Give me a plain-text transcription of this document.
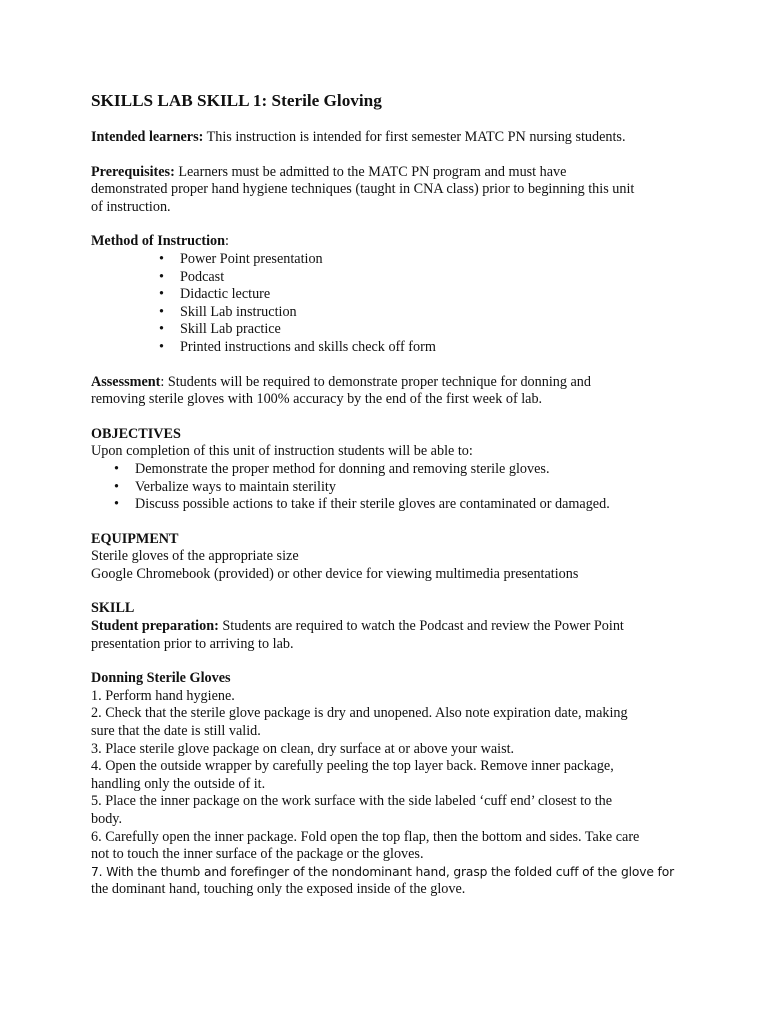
SKILLS LAB SKILL 1: Sterile Gloving

Intended learners: This instruction is intended for first semester MATC PN nursing students.

Prerequisites: Learners must be admitted to the MATC PN program and must have

demonstrated proper hand hygiene techniques (taught in CNA class) prior to beginning this unit

of instruction.

Method of Instruction:

• Power Point presentation
• Podcast
• Didactic lecture
• Skill Lab instruction
• Skill Lab practice
• Printed instructions and skills check off form

Assessment: Students will be required to demonstrate proper technique for donning and

removing sterile gloves with 100% accuracy by the end of the first week of lab.

OBJECTIVES

Upon completion of this unit of instruction students will be able to:

• Demonstrate the proper method for donning and removing sterile gloves.
• Verbalize ways to maintain sterility
• Discuss possible actions to take if their sterile gloves are contaminated or damaged.

EQUIPMENT

Sterile gloves of the appropriate size

Google Chromebook (provided) or other device for viewing multimedia presentations

SKILL

Student preparation: Students are required to watch the Podcast and review the Power Point

presentation prior to arriving to lab.

Donning Sterile Gloves

1. Perform hand hygiene.

2. Check that the sterile glove package is dry and unopened. Also note expiration date, making

sure that the date is still valid.

3. Place sterile glove package on clean, dry surface at or above your waist.

4. Open the outside wrapper by carefully peeling the top layer back. Remove inner package,

handling only the outside of it.

5. Place the inner package on the work surface with the side labeled ‘cuff end’ closest to the

body.

6. Carefully open the inner package. Fold open the top flap, then the bottom and sides. Take care

not to touch the inner surface of the package or the gloves.

7. With the thumb and forefinger of the nondominant hand, grasp the folded cuff of the glove for

the dominant hand, touching only the exposed inside of the glove.
